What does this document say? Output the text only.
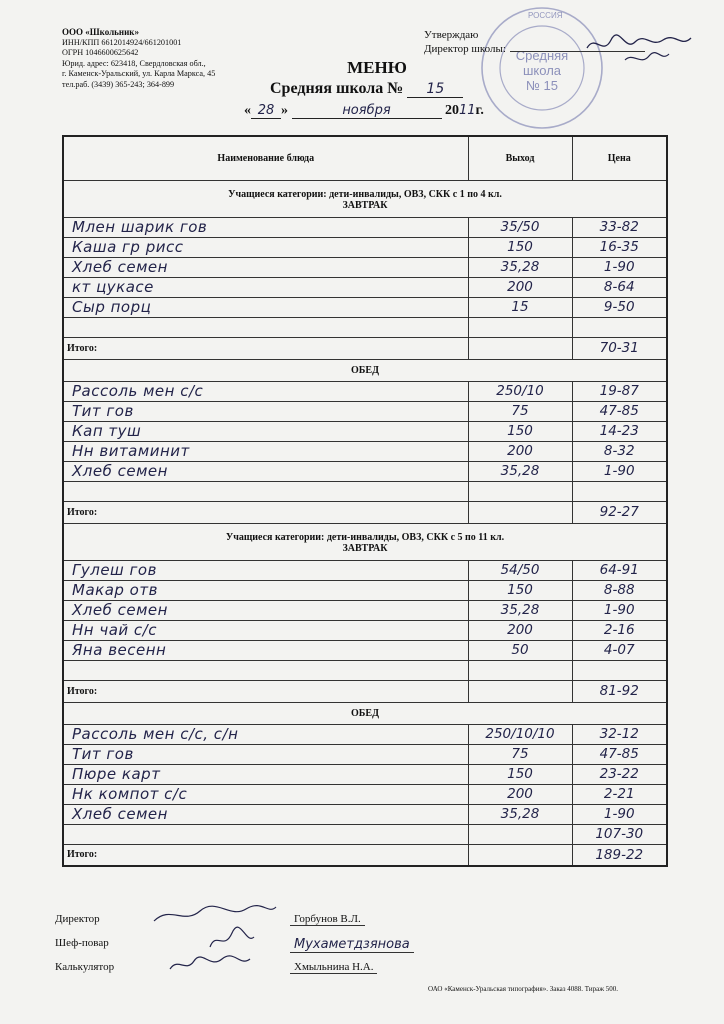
ООО «Школьник»
ИНН/КПП 6612014924/661201001
ОГРН 1046600625642
Юрид. адрес: 623418, Свердловская обл.,
г. Каменск-Уральский, ул. Карла Маркса, 45
тел.раб. (3439) 365-243; 364-899
РОССИЯ
Средняя
школа
№ 15
Утверждаю
Директор школы:
МЕНЮ
Средняя школа № 15
« 28 »	ноября	2011г.
Наименование блюда	Выход	Цена

Учащиеся категории: дети-инвалиды, ОВЗ, СКК с 1 по 4 кл.
ЗАВТРАК		

Млен шарик гов	35/50	33-82
Каша гр рисс	150	16-35
Хлеб семен	35,28	1-90
кт цукасе	200	8-64
Сыр порц	15	9-50

Итого:		70-31
ОБЕД		
Рассоль мен с/с	250/10	19-87
Тит гов	75	47-85
Кап туш	150	14-23
Нн витаминит	200	8-32
Хлеб семен	35,28	1-90

Итого:		92-27

Учащиеся категории: дети-инвалиды, ОВЗ, СКК с 5 по 11 кл.
ЗАВТРАК		

Гулеш гов	54/50	64-91
Макар отв	150	8-88
Хлеб семен	35,28	1-90
Нн чай с/с	200	2-16
Яна весенн	50	4-07

Итого:		81-92
ОБЕД		
Рассоль мен с/с, с/н	250/10/10	32-12
Тит гов	75	47-85
Пюре карт	150	23-22
Нк компот с/с	200	2-21
Хлеб семен	35,28	1-90
		107-30
Итого:		189-22
Директор	Горбунов В.Л.
Шеф-повар	Мухаметдзянова
Калькулятор	Хмыльнина Н.А.
ОАО «Каменск-Уральская типография». Заказ 4088. Тираж 500.
